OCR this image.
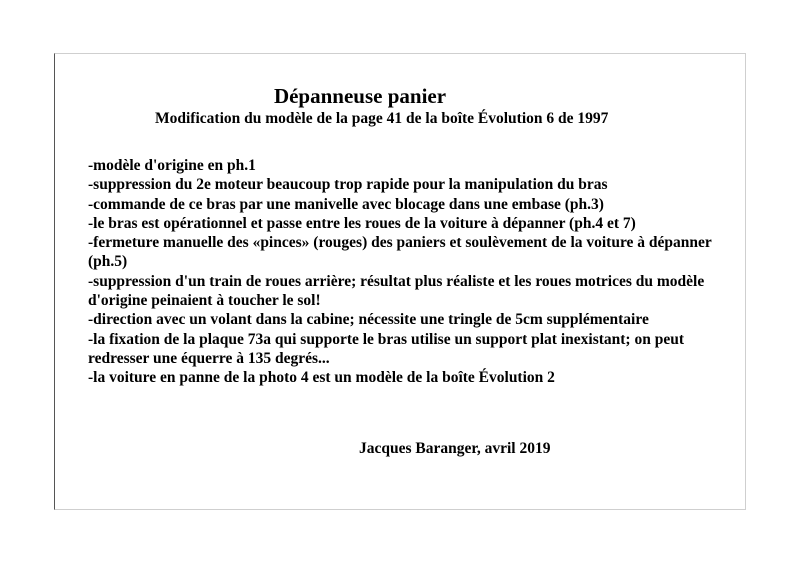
Dépanneuse panier

Modification du modèle de la page 41 de la boîte Évolution 6 de 1997

-modèle d'origine en ph.1
-suppression du 2e moteur beaucoup trop rapide pour la manipulation du bras
-commande de ce bras par une manivelle avec blocage dans une embase (ph.3)
-le bras est opérationnel et passe entre les roues de la voiture à dépanner (ph.4 et 7)
-fermeture manuelle des «pinces» (rouges) des paniers et soulèvement de la voiture à dépanner (ph.5)
-suppression d'un train de roues arrière; résultat plus réaliste et les roues motrices du modèle d'origine peinaient à toucher le sol!
-direction avec un volant dans la cabine; nécessite une tringle de 5cm supplémentaire
-la fixation de la plaque 73a qui supporte le bras utilise un support plat inexistant; on peut redresser une équerre à 135 degrés...
-la voiture en panne de la photo 4 est un modèle de la boîte Évolution 2

Jacques Baranger, avril 2019
